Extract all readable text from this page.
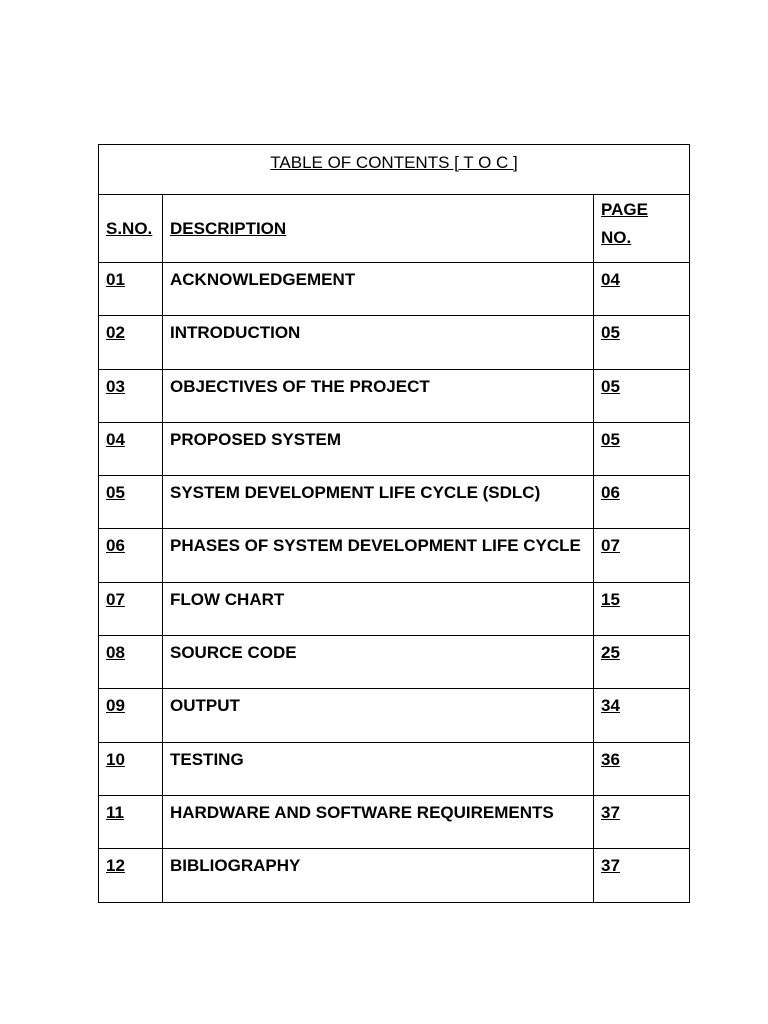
TABLE OF CONTENTS [ T O C ]		
S.NO.	DESCRIPTION	PAGE
NO.
01	ACKNOWLEDGEMENT	04
02	INTRODUCTION	05
03	OBJECTIVES OF THE PROJECT	05
04	PROPOSED SYSTEM	05
05	SYSTEM DEVELOPMENT LIFE CYCLE (SDLC)	06
06	PHASES OF SYSTEM DEVELOPMENT LIFE CYCLE	07
07	FLOW CHART	15
08	SOURCE CODE	25
09	OUTPUT	34
10	TESTING	36
11	HARDWARE AND SOFTWARE REQUIREMENTS	37
12	BIBLIOGRAPHY	37
